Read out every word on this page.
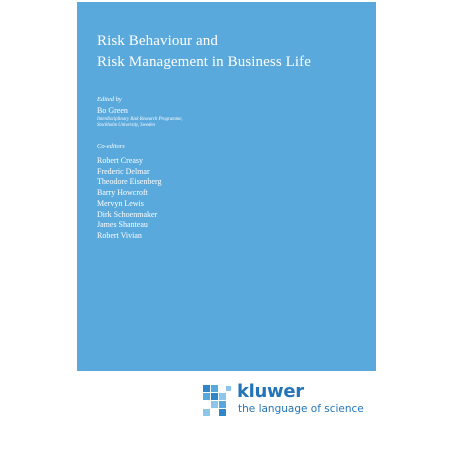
Risk Behaviour and
Risk Management in Business Life
Edited by
Bo Green
Interdisciplinary Risk Research Programme,
Stockholm University, Sweden
Co-editors
Robert Creasy
Frederic Delmar
Theodore Eisenberg
Barry Howcroft
Mervyn Lewis
Dirk Schoenmaker
James Shanteau
Robert Vivian
kluwer
the language of science
